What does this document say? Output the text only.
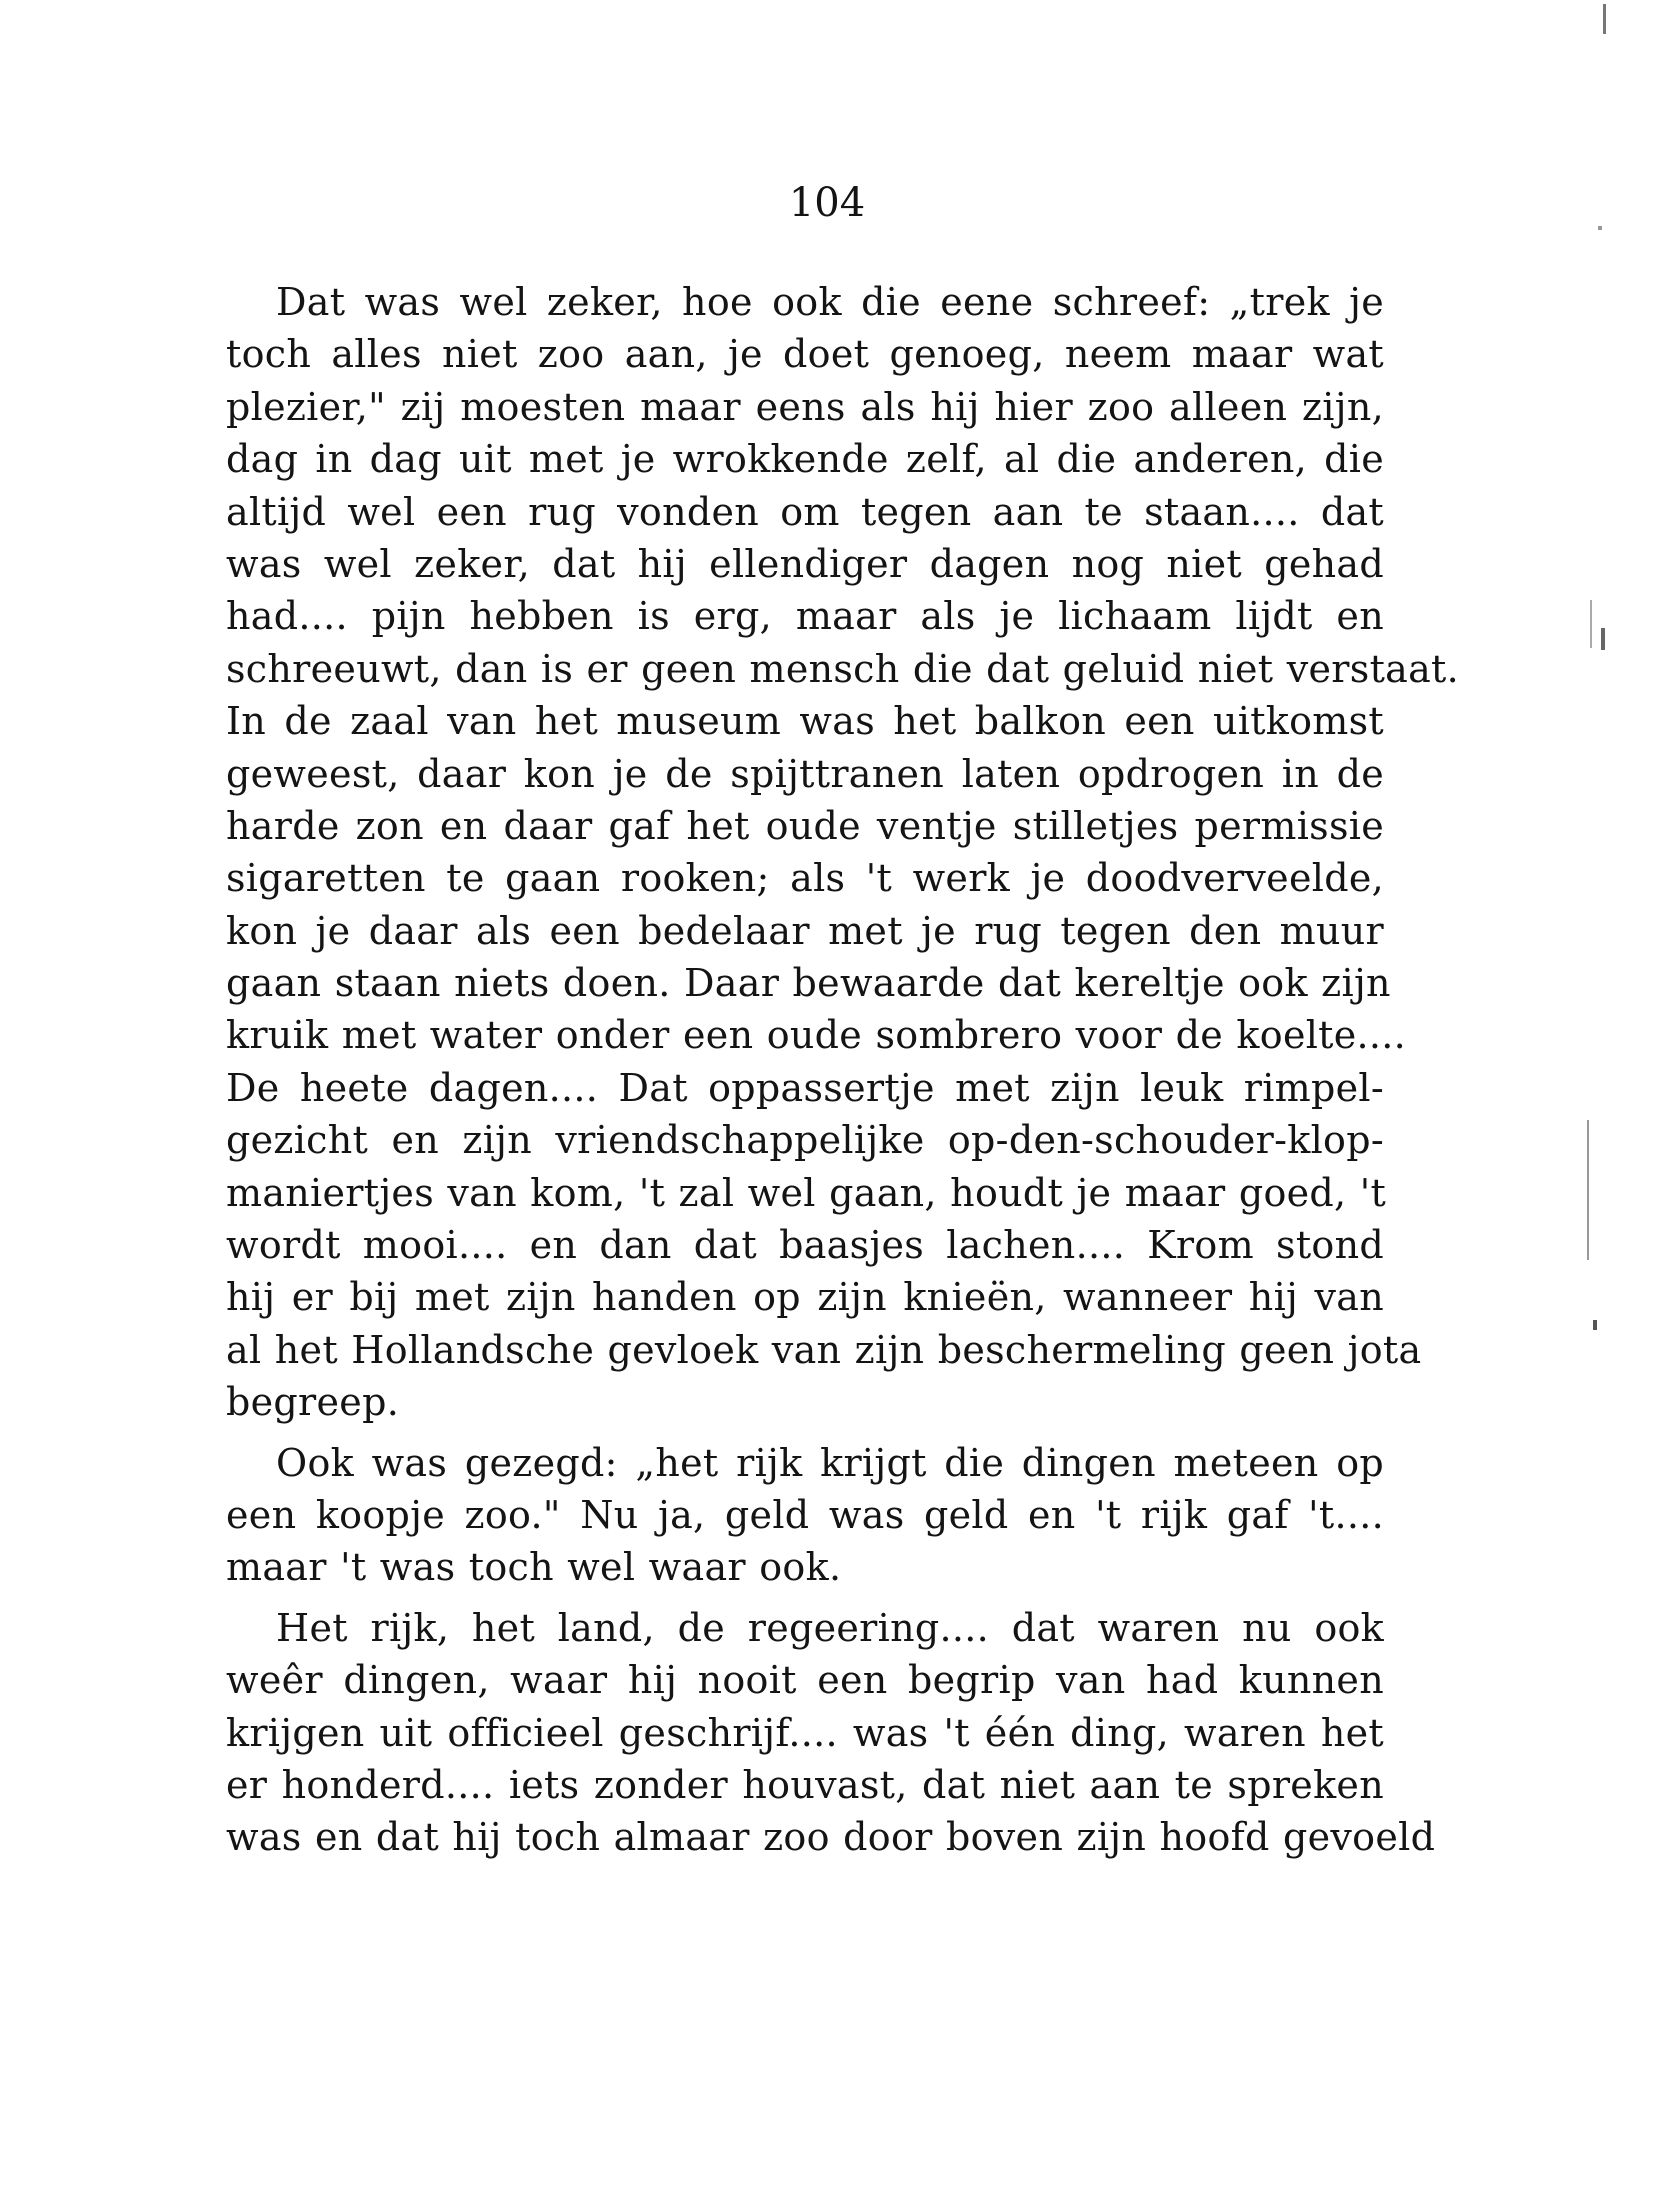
104
Dat was wel zeker, hoe ook die eene schreef: „trek je
toch alles niet zoo aan, je doet genoeg, neem maar wat
plezier," zij moesten maar eens als hij hier zoo alleen zijn,
dag in dag uit met je wrokkende zelf, al die anderen, die
altijd wel een rug vonden om tegen aan te staan.... dat
was wel zeker, dat hij ellendiger dagen nog niet gehad
had.... pijn hebben is erg, maar als je lichaam lijdt en
schreeuwt, dan is er geen mensch die dat geluid niet verstaat.
In de zaal van het museum was het balkon een uitkomst
geweest, daar kon je de spijttranen laten opdrogen in de
harde zon en daar gaf het oude ventje stilletjes permissie
sigaretten te gaan rooken; als 't werk je doodverveelde,
kon je daar als een bedelaar met je rug tegen den muur
gaan staan niets doen. Daar bewaarde dat kereltje ook zijn
kruik met water onder een oude sombrero voor de koelte....
De heete dagen.... Dat oppassertje met zijn leuk rimpel-
gezicht en zijn vriendschappelijke op-den-schouder-klop-
maniertjes van kom, 't zal wel gaan, houdt je maar goed, 't
wordt mooi.... en dan dat baasjes lachen.... Krom stond
hij er bij met zijn handen op zijn knieën, wanneer hij van
al het Hollandsche gevloek van zijn beschermeling geen jota
begreep.
Ook was gezegd: „het rijk krijgt die dingen meteen op
een koopje zoo." Nu ja, geld was geld en 't rijk gaf 't....
maar 't was toch wel waar ook.
Het rijk, het land, de regeering.... dat waren nu ook
weêr dingen, waar hij nooit een begrip van had kunnen
krijgen uit officieel geschrijf.... was 't één ding, waren het
er honderd.... iets zonder houvast, dat niet aan te spreken
was en dat hij toch almaar zoo door boven zijn hoofd gevoeld
